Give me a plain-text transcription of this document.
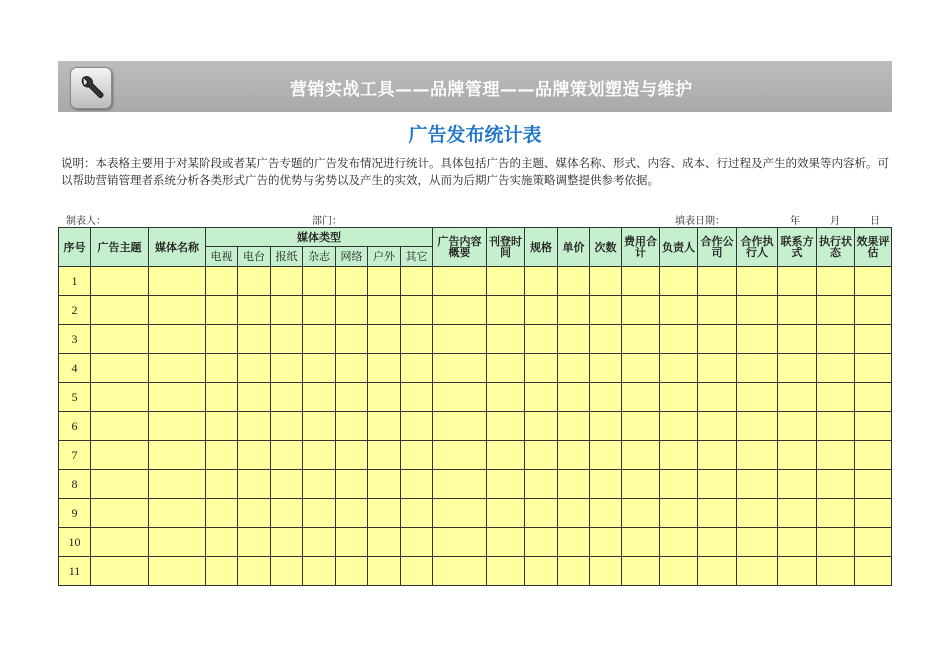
营销实战工具——品牌管理——品牌策划塑造与维护
广告发布统计表
说明：本表格主要用于对某阶段或者某广告专题的广告发布情况进行统计。具体包括广告的主题、媒体名称、形式、内容、成本、行过程及产生的效果等内容析。可以帮助营销管理者系统分析各类形式广告的优势与劣势以及产生的实效，从而为后期广告实施策略调整提供参考依据。
制表人：	部门：	填表日期：	年	月	日
序号	广告主题	媒体名称	媒体类型							广告内容概要	刊登时间	规格	单价	次数	费用合计	负责人	合作公司	合作执行人	联系方式	执行状态	效果评估
			电视	电台	报纸	杂志	网络	户外	其它												
1																					
2																					
3																					
4																					
5																					
6																					
7																					
8																					
9																					
10																					
11																					
